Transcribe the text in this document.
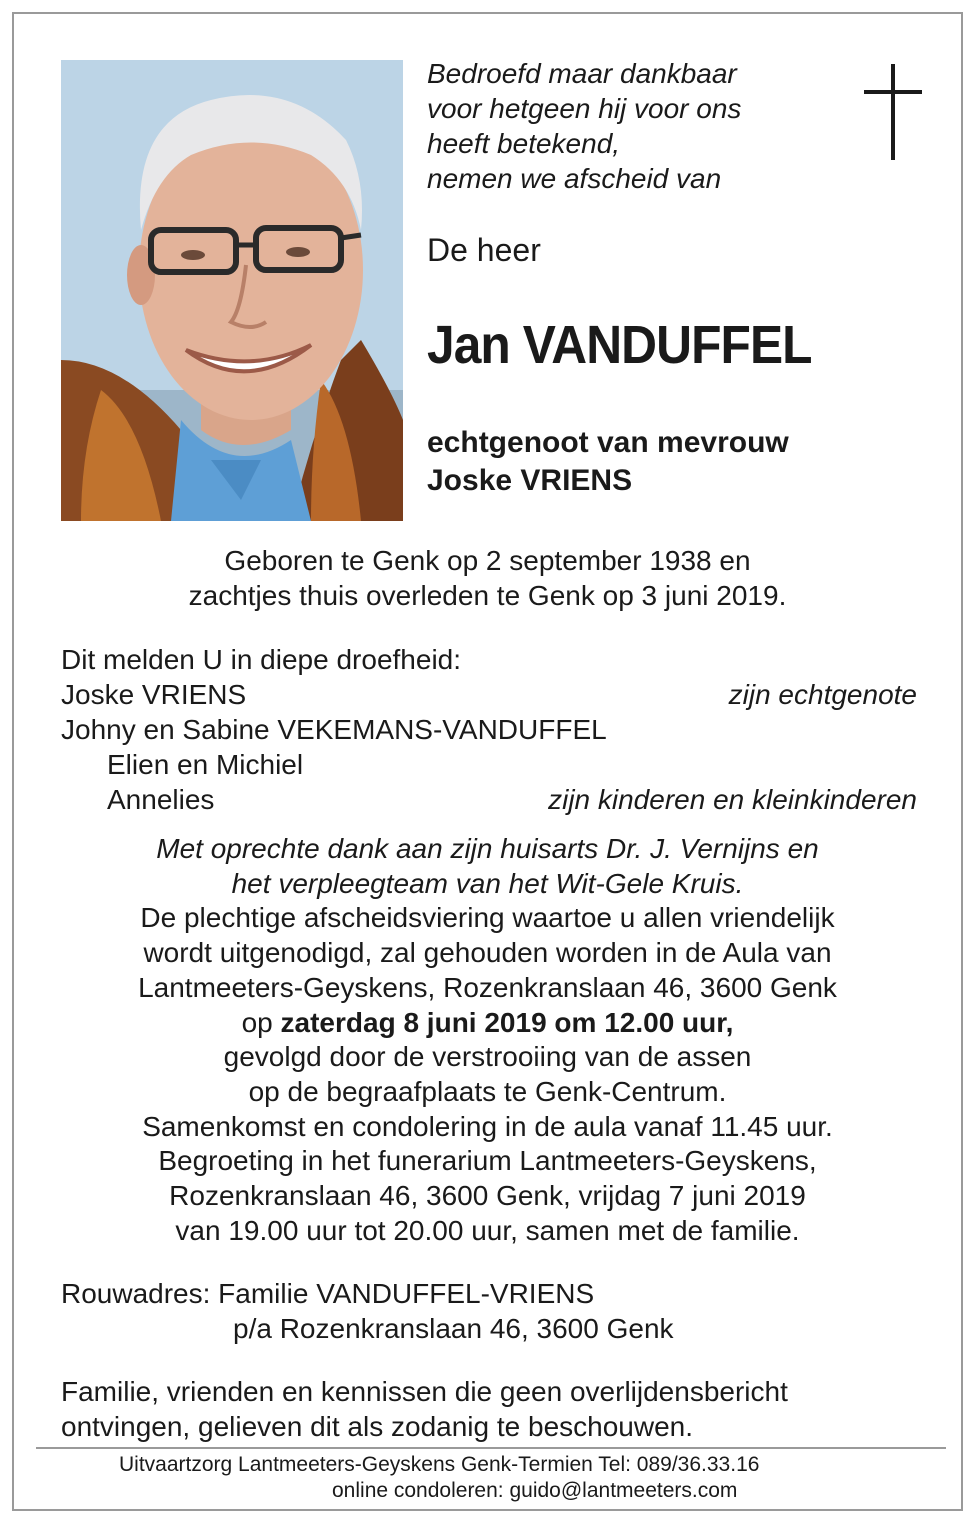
Bedroefd maar dankbaar
voor hetgeen hij voor ons
heeft betekend,
nemen we afscheid van
De heer
Jan VANDUFFEL
echtgenoot van mevrouw
Joske VRIENS
Geboren te Genk op 2 september 1938 en
zachtjes thuis overleden te Genk op 3 juni 2019.
Dit melden U in diepe droefheid:
Joske VRIENS	zijn echtgenote
Johny en Sabine VEKEMANS-VANDUFFEL
Elien en Michiel
Annelies	zijn kinderen en kleinkinderen
Met oprechte dank aan zijn huisarts Dr. J. Vernijns en
het verpleegteam van het Wit-Gele Kruis.
De plechtige afscheidsviering waartoe u allen vriendelijk
wordt uitgenodigd, zal gehouden worden in de Aula van
Lantmeeters-Geyskens, Rozenkranslaan 46, 3600 Genk
op zaterdag 8 juni 2019 om 12.00 uur,
gevolgd door de verstrooiing van de assen
op de begraafplaats te Genk-Centrum.
Samenkomst en condolering in de aula vanaf 11.45 uur.
Begroeting in het funerarium Lantmeeters-Geyskens,
Rozenkranslaan 46, 3600 Genk, vrijdag 7 juni 2019
van 19.00 uur tot 20.00 uur, samen met de familie.
Rouwadres: Familie VANDUFFEL-VRIENS
p/a Rozenkranslaan 46, 3600 Genk
Familie, vrienden en kennissen die geen overlijdensbericht
ontvingen, gelieven dit als zodanig te beschouwen.
Uitvaartzorg Lantmeeters-Geyskens Genk-Termien Tel: 089/36.33.16
online condoleren: guido@lantmeeters.com
